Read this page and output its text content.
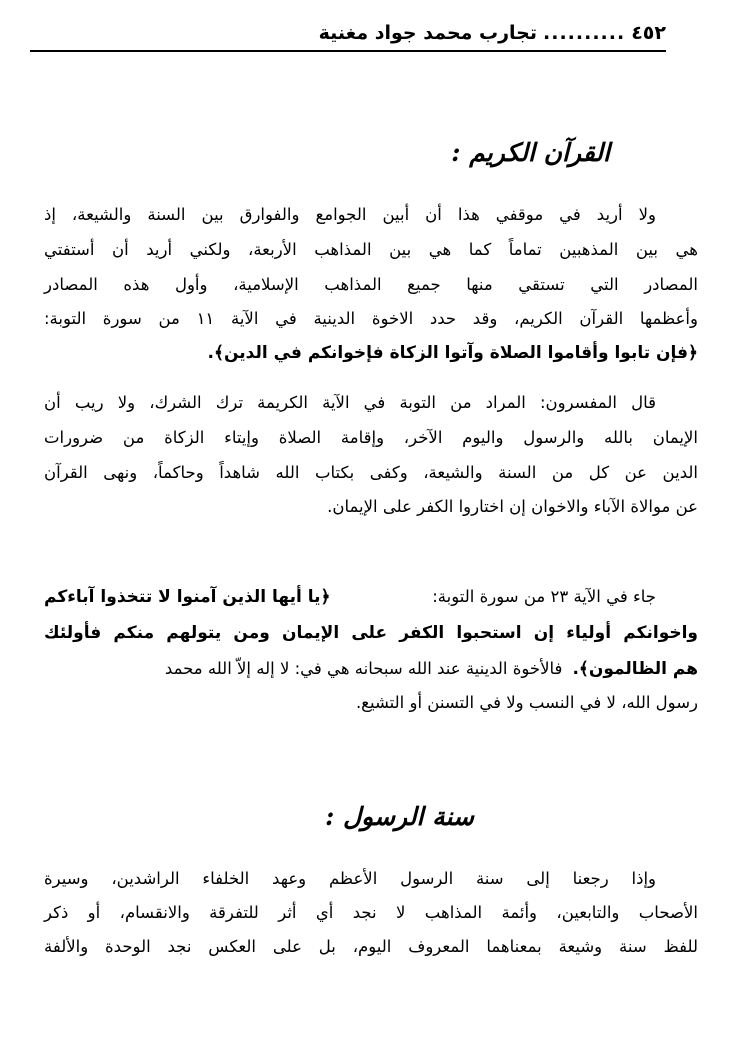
٤٥٢
..........
تجارب محمد جواد مغنية
القرآن الكريم :
ولا أريد في موقفي هذا أن أبين الجوامع والفوارق بين السنة والشيعة، إذ
هي بين المذهبين تماماً كما هي بين المذاهب الأربعة، ولكني أريد أن أستفتي
المصادر التي تستقي منها جميع المذاهب الإسلامية، وأول هذه المصادر
وأعظمها القرآن الكريم، وقد حدد الاخوة الدينية في الآية ١١ من سورة التوبة:
﴿فإن تابوا وأقاموا الصلاة وآتوا الزكاة فإخوانكم في الدين﴾.
قال المفسرون: المراد من التوبة في الآية الكريمة ترك الشرك، ولا ريب أن
الإيمان بالله والرسول واليوم الآخر، وإقامة الصلاة وإيتاء الزكاة من ضرورات
الدين عن كل من السنة والشيعة، وكفى بكتاب الله شاهداً وحاكماً، ونهى القرآن
عن موالاة الآباء والاخوان إن اختاروا الكفر على الإيمان.
جاء في الآية ٢٣ من سورة التوبة:
﴿يا أيها الذين آمنوا لا تتخذوا آباءكم
واخوانكم أولياء إن استحبوا الكفر على الإيمان ومن يتولهم منكم فأولئك
هم الظالمون﴾.
فالأخوة الدينية عند الله سبحانه هي في: لا إله إلاّ الله محمد
رسول الله، لا في النسب ولا في التسنن أو التشيع.
سنة الرسول :
وإذا رجعنا إلى سنة الرسول الأعظم وعهد الخلفاء الراشدين، وسيرة
الأصحاب والتابعين، وأئمة المذاهب لا نجد أي أثر للتفرقة والانقسام، أو ذكر
للفظ سنة وشيعة بمعناهما المعروف اليوم، بل على العكس نجد الوحدة والألفة
